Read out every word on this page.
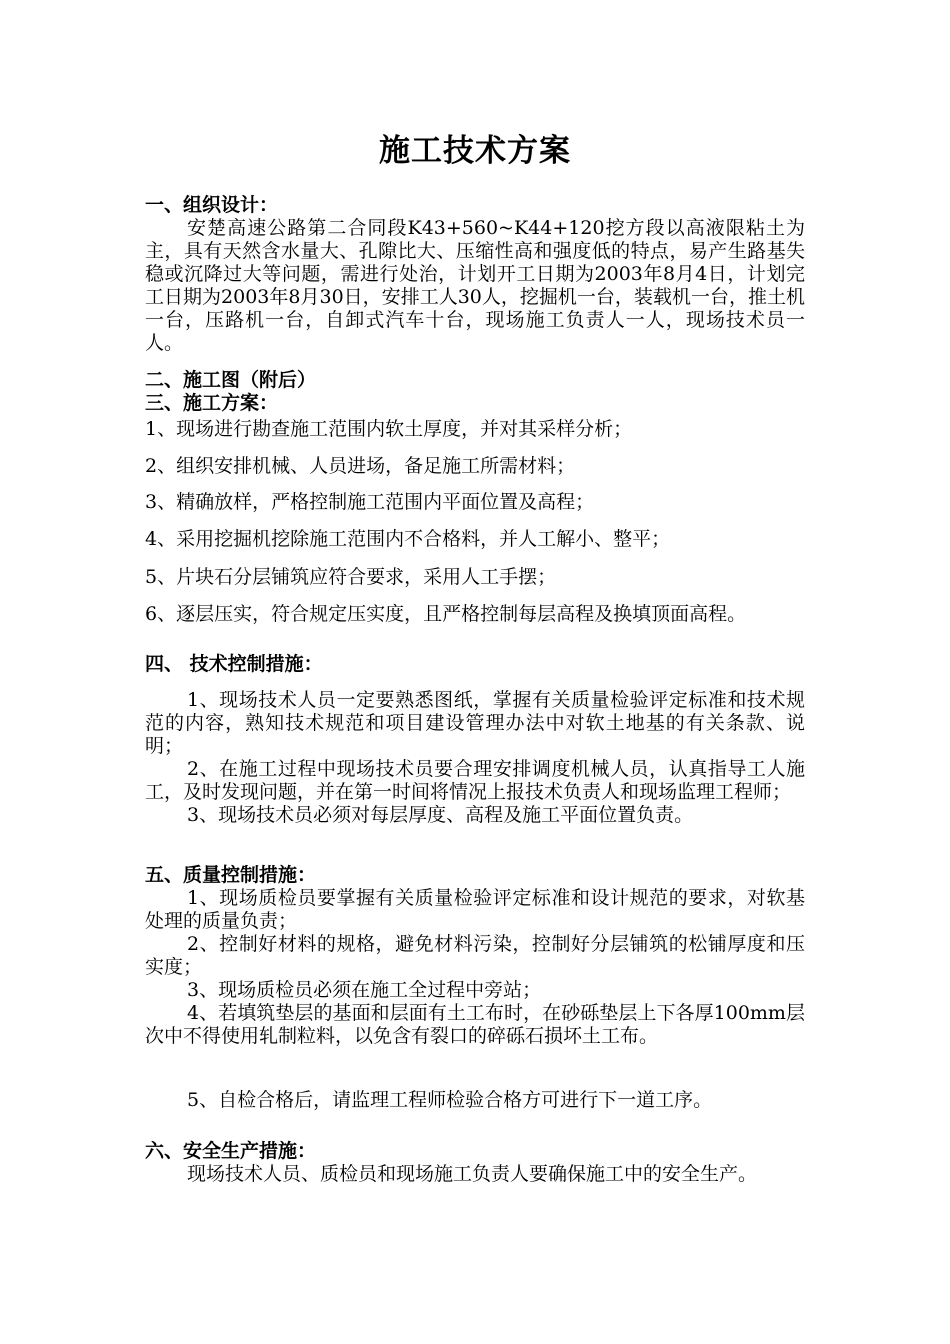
施工技术方案
一、组织设计：

安楚高速公路第二合同段K43+560~K44+120挖方段以高液限粘土为主，具有天然含水量大、孔隙比大、压缩性高和强度低的特点，易产生路基失稳或沉降过大等问题，需进行处治，计划开工日期为2003年8月4日，计划完工日期为2003年8月30日，安排工人30人，挖掘机一台，装载机一台，推土机一台，压路机一台，自卸式汽车十台，现场施工负责人一人，现场技术员一人。

二、施工图（附后）
三、施工方案：
1、现场进行勘查施工范围内软土厚度，并对其采样分析；
2、组织安排机械、人员进场，备足施工所需材料；
3、精确放样，严格控制施工范围内平面位置及高程；
4、采用挖掘机挖除施工范围内不合格料，并人工解小、整平；
5、片块石分层铺筑应符合要求，采用人工手摆；
6、逐层压实，符合规定压实度，且严格控制每层高程及换填顶面高程。
四、 技术控制措施：

1、现场技术人员一定要熟悉图纸，掌握有关质量检验评定标准和技术规范的内容，熟知技术规范和项目建设管理办法中对软土地基的有关条款、说明；

2、在施工过程中现场技术员要合理安排调度机械人员，认真指导工人施工，及时发现问题，并在第一时间将情况上报技术负责人和现场监理工程师；

3、现场技术员必须对每层厚度、高程及施工平面位置负责。

五、质量控制措施：

1、现场质检员要掌握有关质量检验评定标准和设计规范的要求，对软基处理的质量负责；

2、控制好材料的规格，避免材料污染，控制好分层铺筑的松铺厚度和压实度；

3、现场质检员必须在施工全过程中旁站；

4、若填筑垫层的基面和层面有土工布时，在砂砾垫层上下各厚100mm层次中不得使用轧制粒料，以免含有裂口的碎砾石损坏土工布。

5、自检合格后，请监理工程师检验合格方可进行下一道工序。

六、安全生产措施：

现场技术人员、质检员和现场施工负责人要确保施工中的安全生产。
